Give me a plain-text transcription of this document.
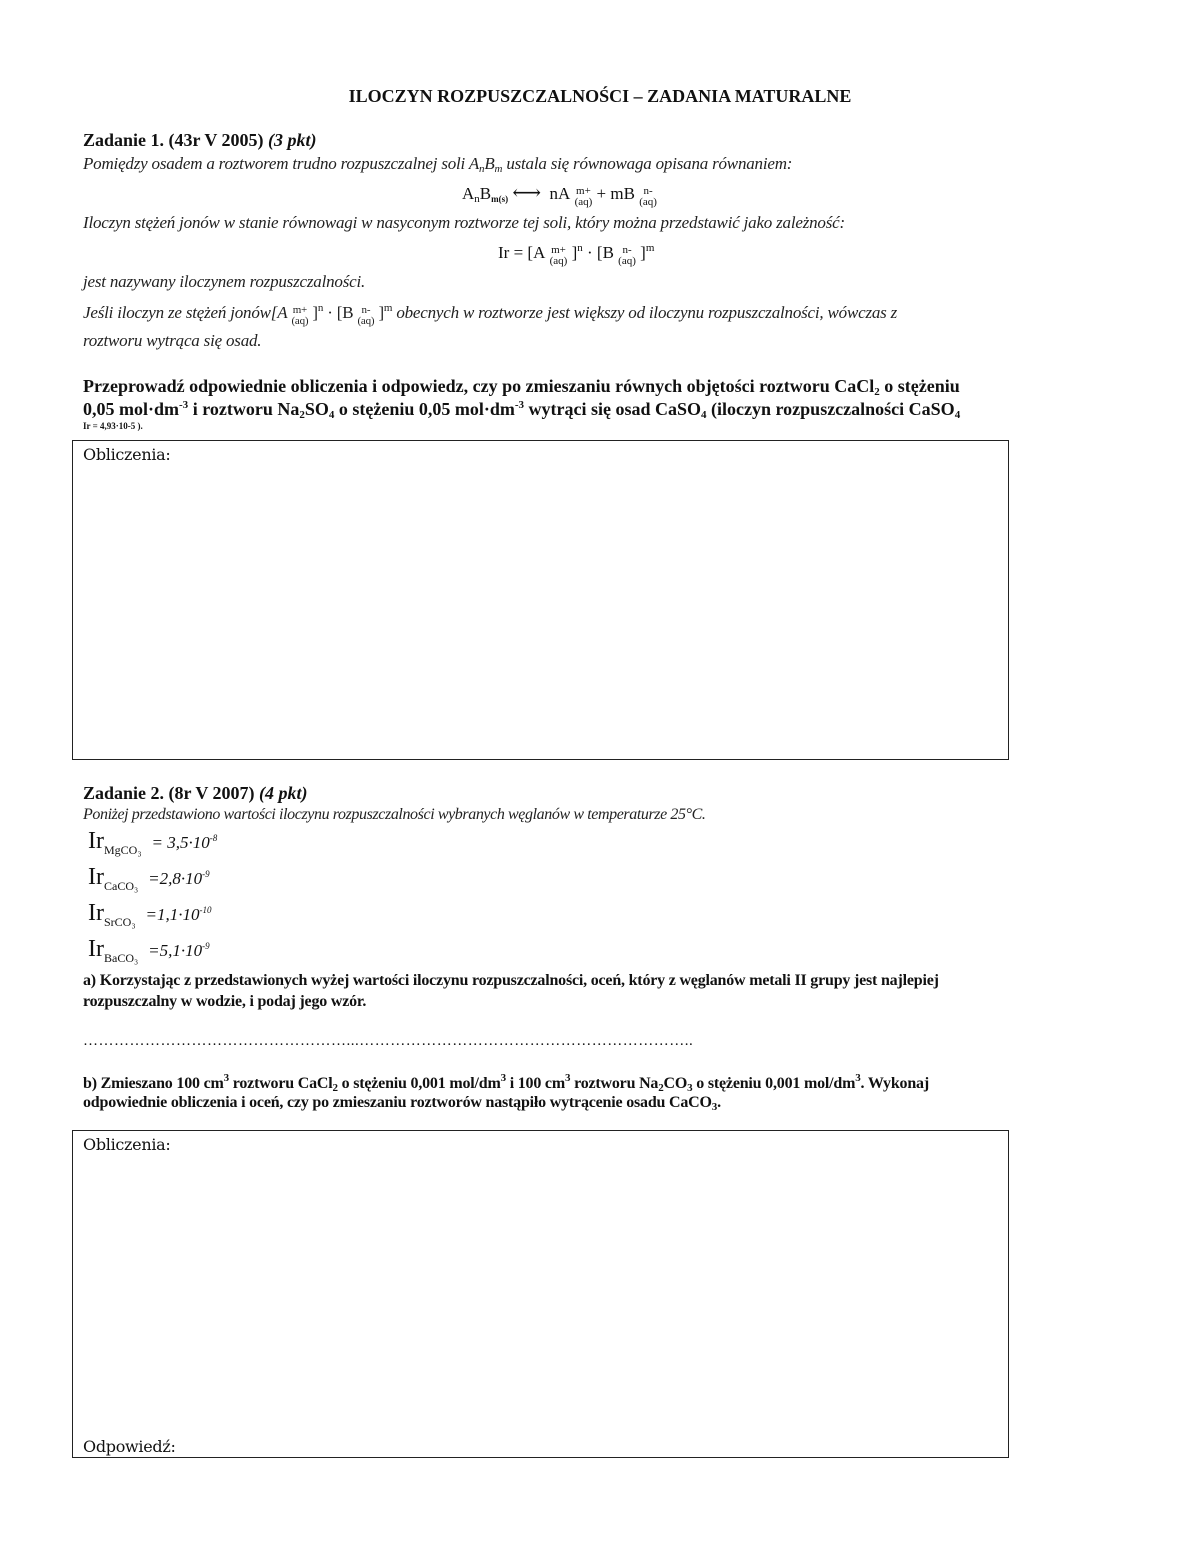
ILOCZYN ROZPUSZCZALNOŚCI – ZADANIA MATURALNE
Zadanie 1. (43r V 2005) (3 pkt)
Pomiędzy osadem a roztworem trudno rozpuszczalnej soli $A_nB_m$ ustala się równowaga opisana równaniem:
$A_nB_{m(s)}$ ⟷ nA m+
(aq) + mB n-
(aq)
Iloczyn stężeń jonów w stanie równowagi w nasyconym roztworze tej soli, który można przedstawić jako zależność:
Ir = [A m+
(aq) ]$^n$ · [B n-
(aq) ]$^m$
jest nazywany iloczynem rozpuszczalności.
Jeśli iloczyn ze stężeń jonów[A m+
(aq) ]$^n$ · [B n-
(aq) ]$^m$ obecnych w roztworze jest większy od iloczynu rozpuszczalności, wówczas z
roztworu wytrąca się osad.
Przeprowadź odpowiednie obliczenia i odpowiedz, czy po zmieszaniu równych objętości roztworu CaCl$_2$ o stężeniu
0,05 $mol\cdot dm^{-3}$ i roztworu $Na_2SO_4$ o stężeniu 0,05 $mol\cdot dm^{-3}$ wytrąci się osad CaSO$_4$ (iloczyn rozpuszczalności CaSO$_4$
Ir = 4,93·10-5 ).
Obliczenia:
Zadanie 2. (8r V 2007) (4 pkt)
Poniżej przedstawiono wartości iloczynu rozpuszczalności wybranych węglanów w temperaturze 25°C.
$Ir_{MgCO_3} = 3,5\cdot 10^{-8}$
$Ir_{CaCO_3} =2,8\cdot 10^{-9}$
$Ir_{SrCO_3} =1,1\cdot 10^{-10}$
$Ir_{BaCO_3} =5,1\cdot 10^{-9}$
a) Korzystając z przedstawionych wyżej wartości iloczynu rozpuszczalności, oceń, który z węglanów metali II grupy jest najlepiej
rozpuszczalny w wodzie, i podaj jego wzór.
……………………………………………...………………………………………………………..
b) Zmieszano 100 $cm^3$ roztworu CaCl$_2$ o stężeniu 0,001 mol/$dm^3$ i 100 $cm^3$ roztworu $Na_2CO_3$ o stężeniu 0,001 mol/$dm^3$. Wykonaj
odpowiednie obliczenia i oceń, czy po zmieszaniu roztworów nastąpiło wytrącenie osadu CaCO$_3$.
Obliczenia:
Odpowiedź:
